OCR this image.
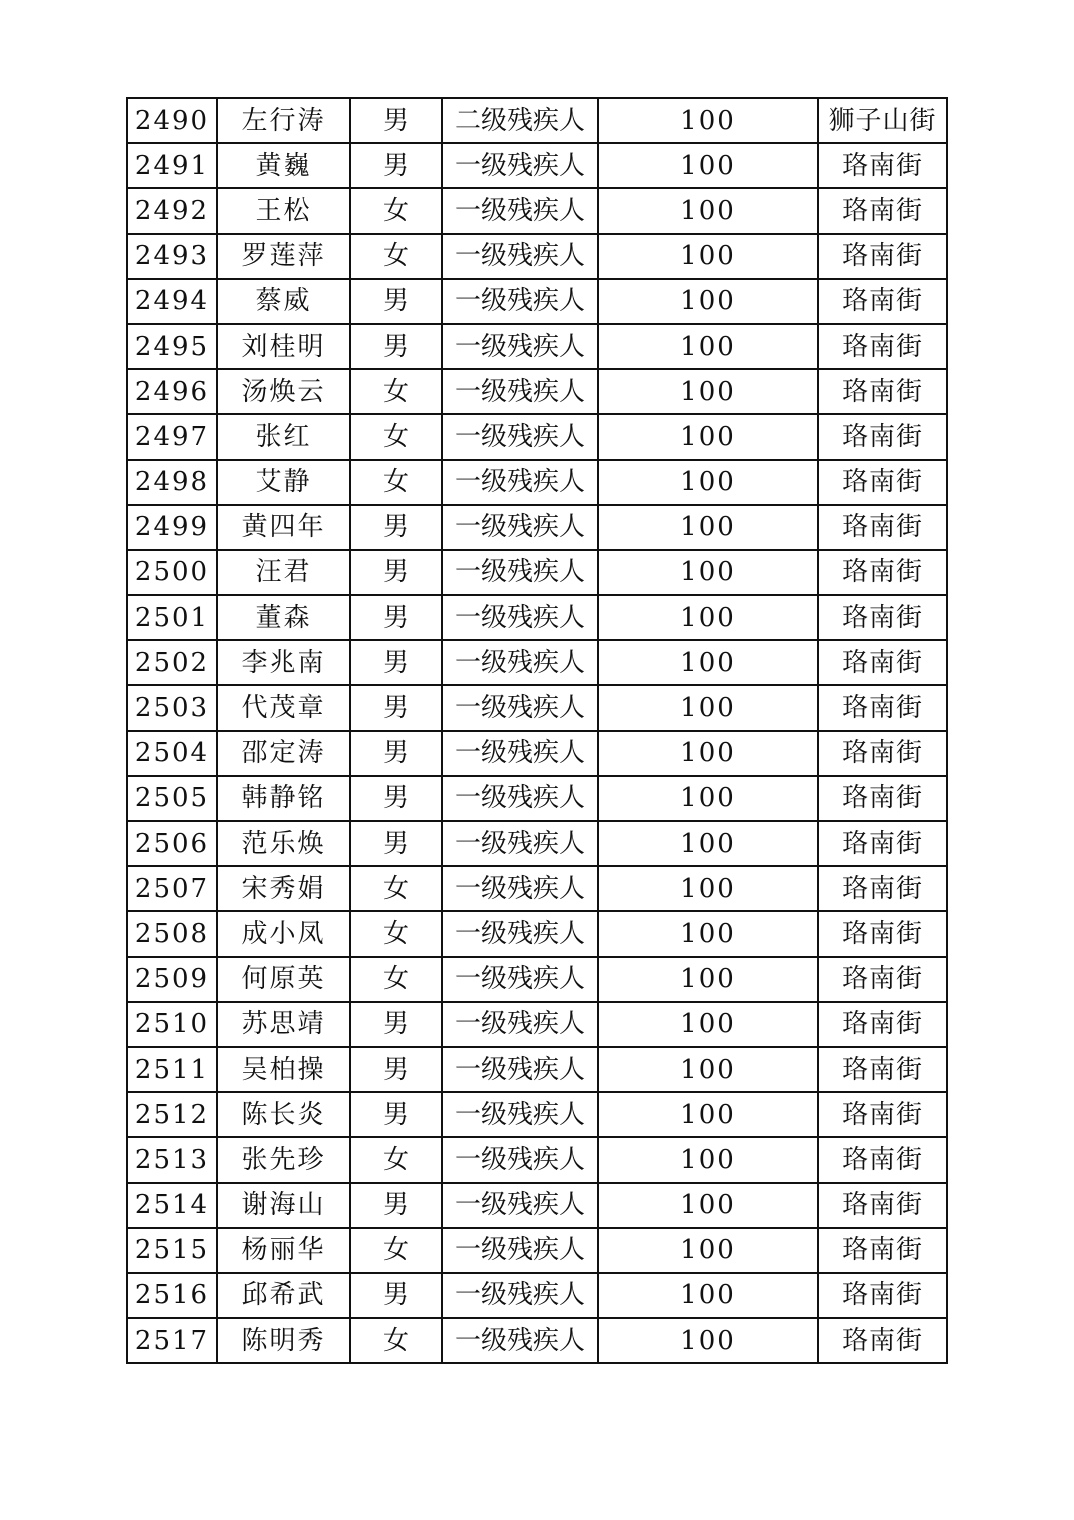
2490	左行涛	男	二级残疾人	100	狮子山街
2491	黄巍	男	一级残疾人	100	珞南街
2492	王松	女	一级残疾人	100	珞南街
2493	罗莲萍	女	一级残疾人	100	珞南街
2494	蔡威	男	一级残疾人	100	珞南街
2495	刘桂明	男	一级残疾人	100	珞南街
2496	汤焕云	女	一级残疾人	100	珞南街
2497	张红	女	一级残疾人	100	珞南街
2498	艾静	女	一级残疾人	100	珞南街
2499	黄四年	男	一级残疾人	100	珞南街
2500	汪君	男	一级残疾人	100	珞南街
2501	董森	男	一级残疾人	100	珞南街
2502	李兆南	男	一级残疾人	100	珞南街
2503	代茂章	男	一级残疾人	100	珞南街
2504	邵定涛	男	一级残疾人	100	珞南街
2505	韩静铭	男	一级残疾人	100	珞南街
2506	范乐焕	男	一级残疾人	100	珞南街
2507	宋秀娟	女	一级残疾人	100	珞南街
2508	成小凤	女	一级残疾人	100	珞南街
2509	何原英	女	一级残疾人	100	珞南街
2510	苏思靖	男	一级残疾人	100	珞南街
2511	吴柏操	男	一级残疾人	100	珞南街
2512	陈长炎	男	一级残疾人	100	珞南街
2513	张先珍	女	一级残疾人	100	珞南街
2514	谢海山	男	一级残疾人	100	珞南街
2515	杨丽华	女	一级残疾人	100	珞南街
2516	邱希武	男	一级残疾人	100	珞南街
2517	陈明秀	女	一级残疾人	100	珞南街
